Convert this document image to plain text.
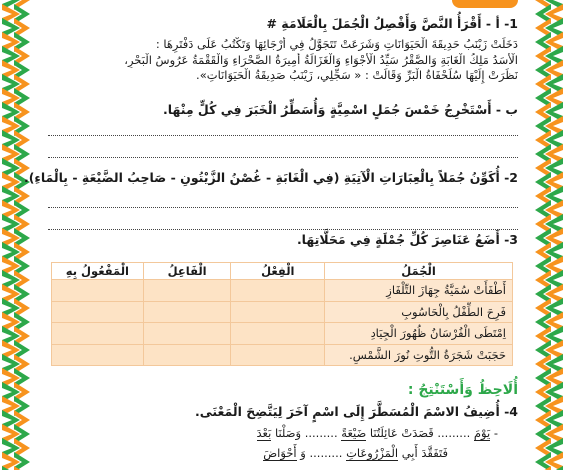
1- أ - أَقْرَأُ النَّصَّ وَأَفْصِلُ الْجُمَلَ بِالْعَلَامَةِ #
دَخَلَتْ زَيْنَبُ حَدِيقَةَ الْحَيَوَانَاتِ وَشَرَعَتْ تَتَجَوَّلُ فِي أَرْجَائِهَا وَتَكْتُبُ عَلَى دَفْتَرِهَا :
الْأَسَدُ مَلِكُ الْغَابَةِ وَالصَّقْرُ سَيِّدُ الْأَجْوَاءِ وَالْغَزَالَةُ أَمِيرَةُ الصَّحْرَاءِ وَالْقَقْمَةُ عَرُوسُ الْبَحْرِ،
نَظَرَتْ إِلَيْهَا سُلَحْفَاةُ الْبَرِّ وَقَالَتْ : « سَجِّلِي، زَيْنَبُ صَدِيقَةُ الْحَيَوَانَاتِ».
ب - أَسْتَخْرِجُ خَمْسَ جُمَلٍ اسْمِيَّةٍ وَأُسَطِّرُ الْخَبَرَ فِي كُلٍّ مِنْهَا.
2- أُكَوِّنُ جُمَلاً بِالْعِبَارَاتِ الْآتِيَةِ (فِي الْغَابَةِ - غُصْنُ الزَّيْتُونِ - صَاحِبُ الضَّيْعَةِ - بِالْمَاءِ).
3- أَضَعُ عَنَاصِرَ كُلِّ جُمْلَةٍ فِي مَحَلَّاتِهَا.
الْجُمَلُ	الْفِعْلُ	الْفَاعِلُ	الْمَفْعُولُ بِهِ
أَطْفَأَتْ سُمَيَّةُ جِهَازَ التِّلْفَازِ			
فَرِحَ الطِّفْلُ بِالْحَاسُوبِ			
اِمْتَطَى الْفُرْسَانُ ظُهُورَ الْجِيَادِ			
حَجَبَتْ شَجَرَةُ التُّوتِ نُورَ الشَّمْسِ.			
أُلَاحِظُ وَأَسْتَنْتِجُ :
4- أُضِيفُ الاسْمَ الْمُسَطَّرَ إِلَى اسْمٍ آخَرَ لِيَتَّضِحَ الْمَعْنَى.
- يَوْمَ ......... قَصَدَتْ عَائِلَتُنَا ضَيْعَةً ......... وَصَلْنَا بَعْدَ
فَتَفَقَّدَ أَبِي الْمَزْرُوعَاتِ ......... وَ أَحْوَاضَ
